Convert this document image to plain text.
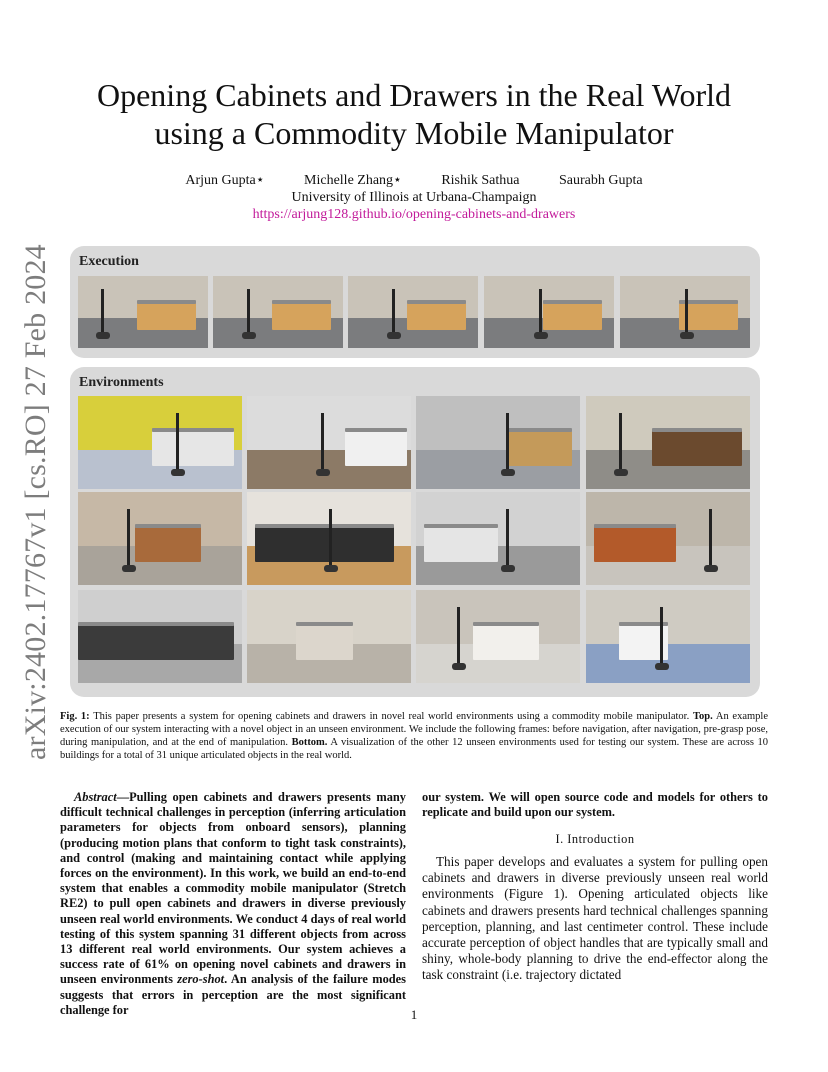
arXiv:2402.17767v1 [cs.RO] 27 Feb 2024
Opening Cabinets and Drawers in the Real World
using a Commodity Mobile Manipulator
Arjun Gupta⋆	Michelle Zhang⋆	Rishik Sathua	Saurabh Gupta
University of Illinois at Urbana-Champaign
https://arjung128.github.io/opening-cabinets-and-drawers
Execution
Environments
Fig. 1: This paper presents a system for opening cabinets and drawers in novel real world environments using a commodity mobile manipulator. Top. An example execution of our system interacting with a novel object in an unseen environment. We include the following frames: before navigation, after navigation, pre-grasp pose, during manipulation, and at the end of manipulation. Bottom. A visualization of the other 12 unseen environments used for testing our system. These are across 10 buildings for a total of 31 unique articulated objects in the real world.
Abstract—Pulling open cabinets and drawers presents many difficult technical challenges in perception (inferring articulation parameters for objects from onboard sensors), planning (producing motion plans that conform to tight task constraints), and control (making and maintaining contact while applying forces on the environment). In this work, we build an end-to-end system that enables a commodity mobile manipulator (Stretch RE2) to pull open cabinets and drawers in diverse previously unseen real world environments. We conduct 4 days of real world testing of this system spanning 31 different objects from across 13 different real world environments. Our system achieves a success rate of 61% on opening novel cabinets and drawers in unseen environments zero-shot. An analysis of the failure modes suggests that errors in perception are the most significant challenge for
our system. We will open source code and models for others to replicate and build upon our system.
I. Introduction

This paper develops and evaluates a system for pulling open cabinets and drawers in diverse previously unseen real world environments (Figure 1). Opening articulated objects like cabinets and drawers presents hard technical challenges spanning perception, planning, and last centimeter control. These include accurate perception of object handles that are typically small and shiny, whole-body planning to drive the end-effector along the task constraint (i.e. trajectory dictated

1
